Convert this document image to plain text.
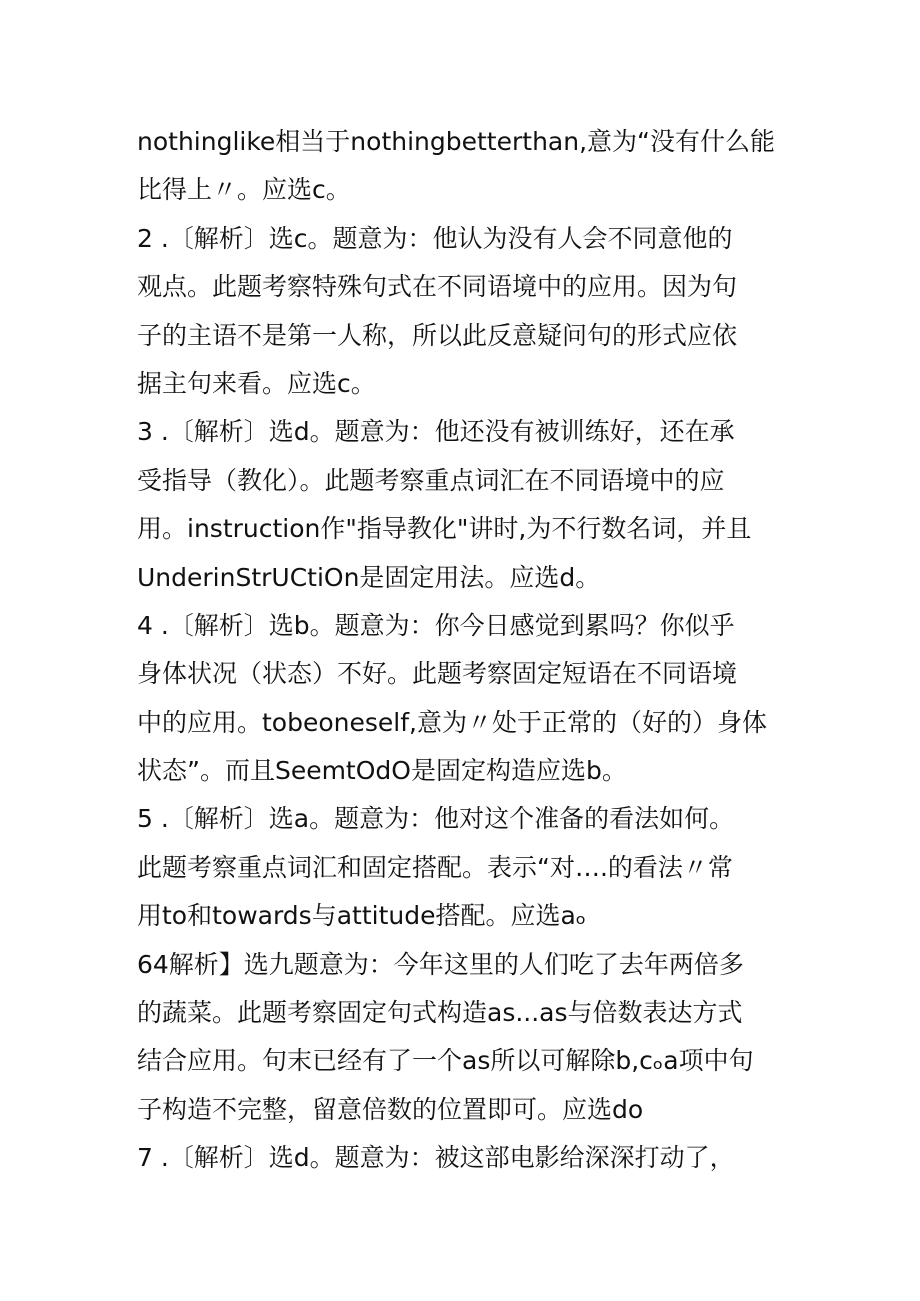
nothinglike相当于nothingbetterthan,意为“没有什么能
比得上〃。应选c。
2 .〔解析〕选c。题意为：他认为没有人会不同意他的
观点。此题考察特殊句式在不同语境中的应用。因为句
子的主语不是第一人称，所以此反意疑问句的形式应依
据主句来看。应选c。
3 .〔解析〕选d。题意为：他还没有被训练好，还在承
受指导（教化）。此题考察重点词汇在不同语境中的应
用。instruction作"指导教化"讲时,为不行数名词，并且
UnderinStrUCtiOn是固定用法。应选d。
4 .〔解析〕选b。题意为：你今日感觉到累吗？你似乎
身体状况（状态）不好。此题考察固定短语在不同语境
中的应用。tobeoneself,意为〃处于正常的（好的）身体
状态”。而且SeemtOdO是固定构造应选b。
5 .〔解析〕选a。题意为：他对这个准备的看法如何。
此题考察重点词汇和固定搭配。表示“对….的看法〃常
用to和towards与attitude搭配。应选aₒ
64解析】选九题意为：今年这里的人们吃了去年两倍多
的蔬菜。此题考察固定句式构造as...as与倍数表达方式
结合应用。句末已经有了一个as所以可解除b,cₒa项中句
子构造不完整，留意倍数的位置即可。应选do
7 .〔解析〕选d。题意为：被这部电影给深深打动了，
